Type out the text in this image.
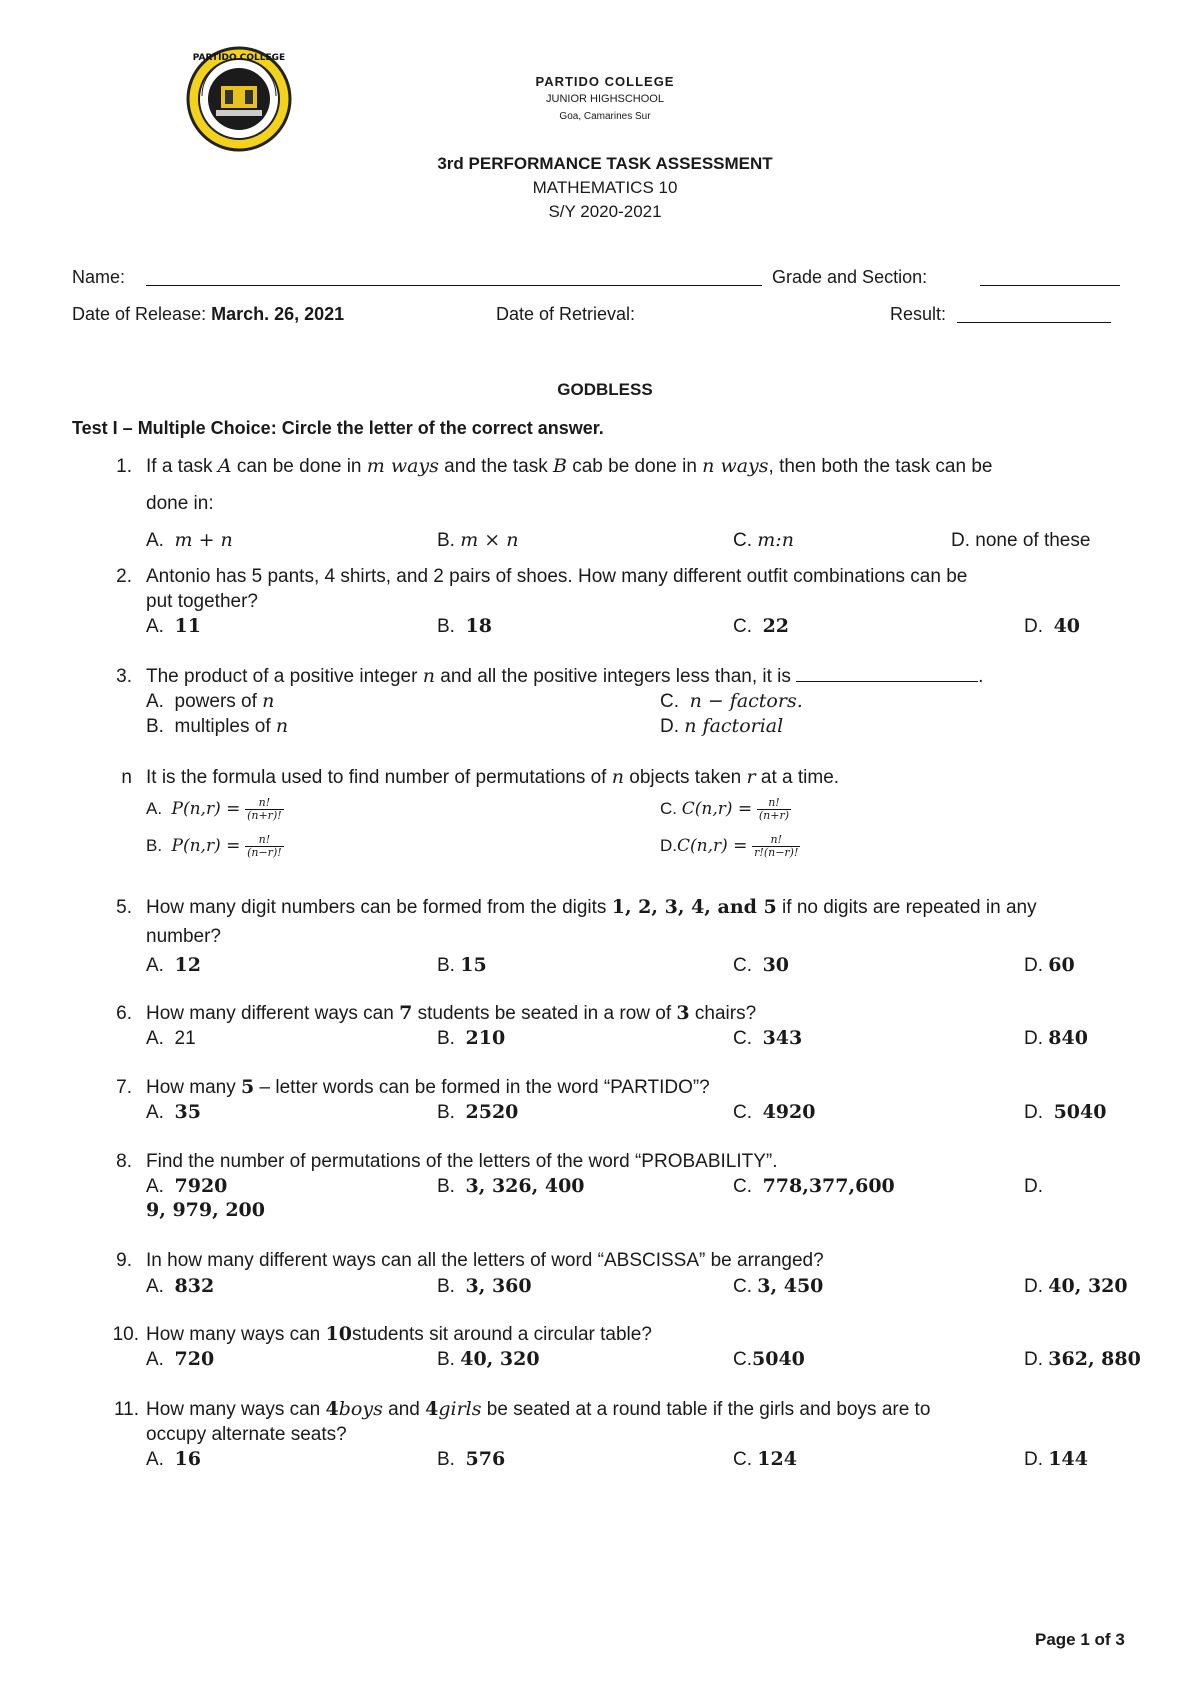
PARTIDO COLLEGE
PARTIDO COLLEGE
JUNIOR HIGHSCHOOL
Goa, Camarines Sur
3rd PERFORMANCE TASK ASSESSMENT
MATHEMATICS 10
S/Y 2020-2021
Name:	Grade and Section:
Date of Release: March. 26, 2021	Date of Retrieval:	Result:
GODBLESS
Test I – Multiple Choice: Circle the letter of the correct answer.
1. If a task A can be done in m ways and the task B cab be done in n ways, then both the task can be
done in:
A. m + n	B. m × n	C. m:n	D. none of these
2. Antonio has 5 pants, 4 shirts, and 2 pairs of shoes. How many different outfit combinations can be
put together?
A. 11	B. 18	C. 22	D. 40
3. The product of a positive integer n and all the positive integers less than, it is	.
A. powers of n
B. multiples of n
C. n − factors.
D. n factorial
n It is the formula used to find number of permutations of n objects taken r at a time.
A. $P(n,r) = \frac{n!}{(n+r)!}$
B. $P(n,r) = \frac{n!}{(n-r)!}$
C. $C(n,r) = \frac{n!}{(n+r)}$
$D.C(n,r) = \frac{n!}{r!(n-r)!}$
5. How many digit numbers can be formed from the digits 1, 2, 3, 4, and 5 if no digits are repeated in any
number?
A. 12	B. 15	C. 30	D. 60
6. How many different ways can 7 students be seated in a row of 3 chairs?
A. 21	B. 210	C. 343	D. 840
7. How many 5 – letter words can be formed in the word “PARTIDO”?
A. 35	B. 2520	C. 4920	D. 5040
8. Find the number of permutations of the letters of the word “PROBABILITY”.
A. 7920	B. 3, 326, 400	C. 778,377,600	D.
9, 979, 200
9. In how many different ways can all the letters of word “ABSCISSA” be arranged?
A. 832	B. 3, 360	C. 3, 450	D. 40, 320
10. How many ways can 10students sit around a circular table?
A. 720	B. 40, 320	C.5040	D. 362, 880
11. How many ways can 4boys and 4girls be seated at a round table if the girls and boys are to
occupy alternate seats?
A. 16	B. 576	C. 124	D. 144
Page 1 of 3
